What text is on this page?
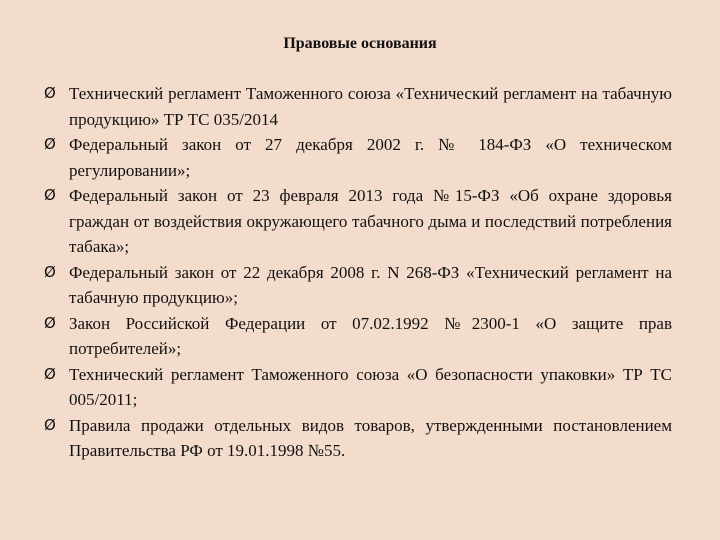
Правовые основания
Ø Технический регламент Таможенного союза «Технический регламент на табачную продукцию» ТР ТС 035/2014
Ø Федеральный закон от 27 декабря 2002 г. № 184-ФЗ «О техническом регулировании»;
Ø Федеральный закон от 23 февраля 2013 года №15-ФЗ «Об охране здоровья граждан от воздействия окружающего табачного дыма и последствий потребления табака»;
Ø Федеральный закон от 22 декабря 2008 г. N 268-ФЗ «Технический регламент на табачную продукцию»;
Ø Закон Российской Федерации от 07.02.1992 №2300-1 «О защите прав потребителей»;
Ø Технический регламент Таможенного союза «О безопасности упаковки» ТР ТС 005/2011;
Ø Правила продажи отдельных видов товаров, утвержденными постановлением Правительства РФ от 19.01.1998 №55.
